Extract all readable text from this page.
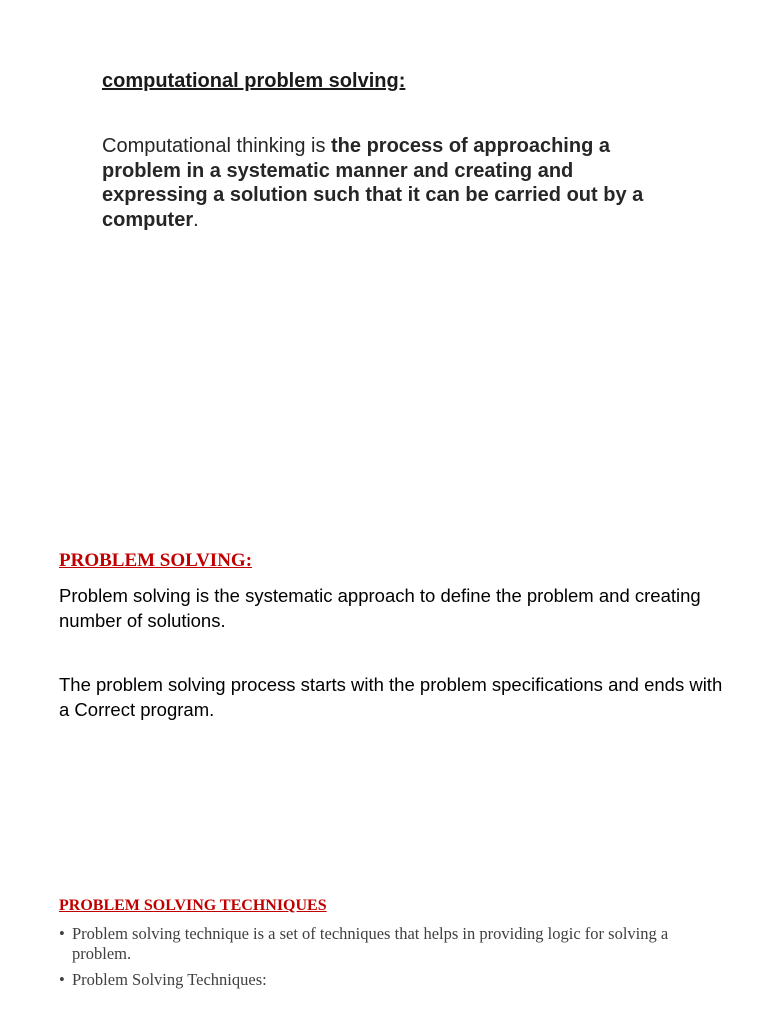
computational problem solving:

Computational thinking is the process of approaching a problem in a systematic manner and creating and expressing a solution such that it can be carried out by a computer.

PROBLEM SOLVING:

Problem solving is the systematic approach to define the problem and creating number of solutions.

The problem solving process starts with the problem specifications and ends with a Correct program.

PROBLEM SOLVING TECHNIQUES
• Problem solving technique is a set of techniques that helps in providing logic for solving a problem.
• Problem Solving Techniques:
